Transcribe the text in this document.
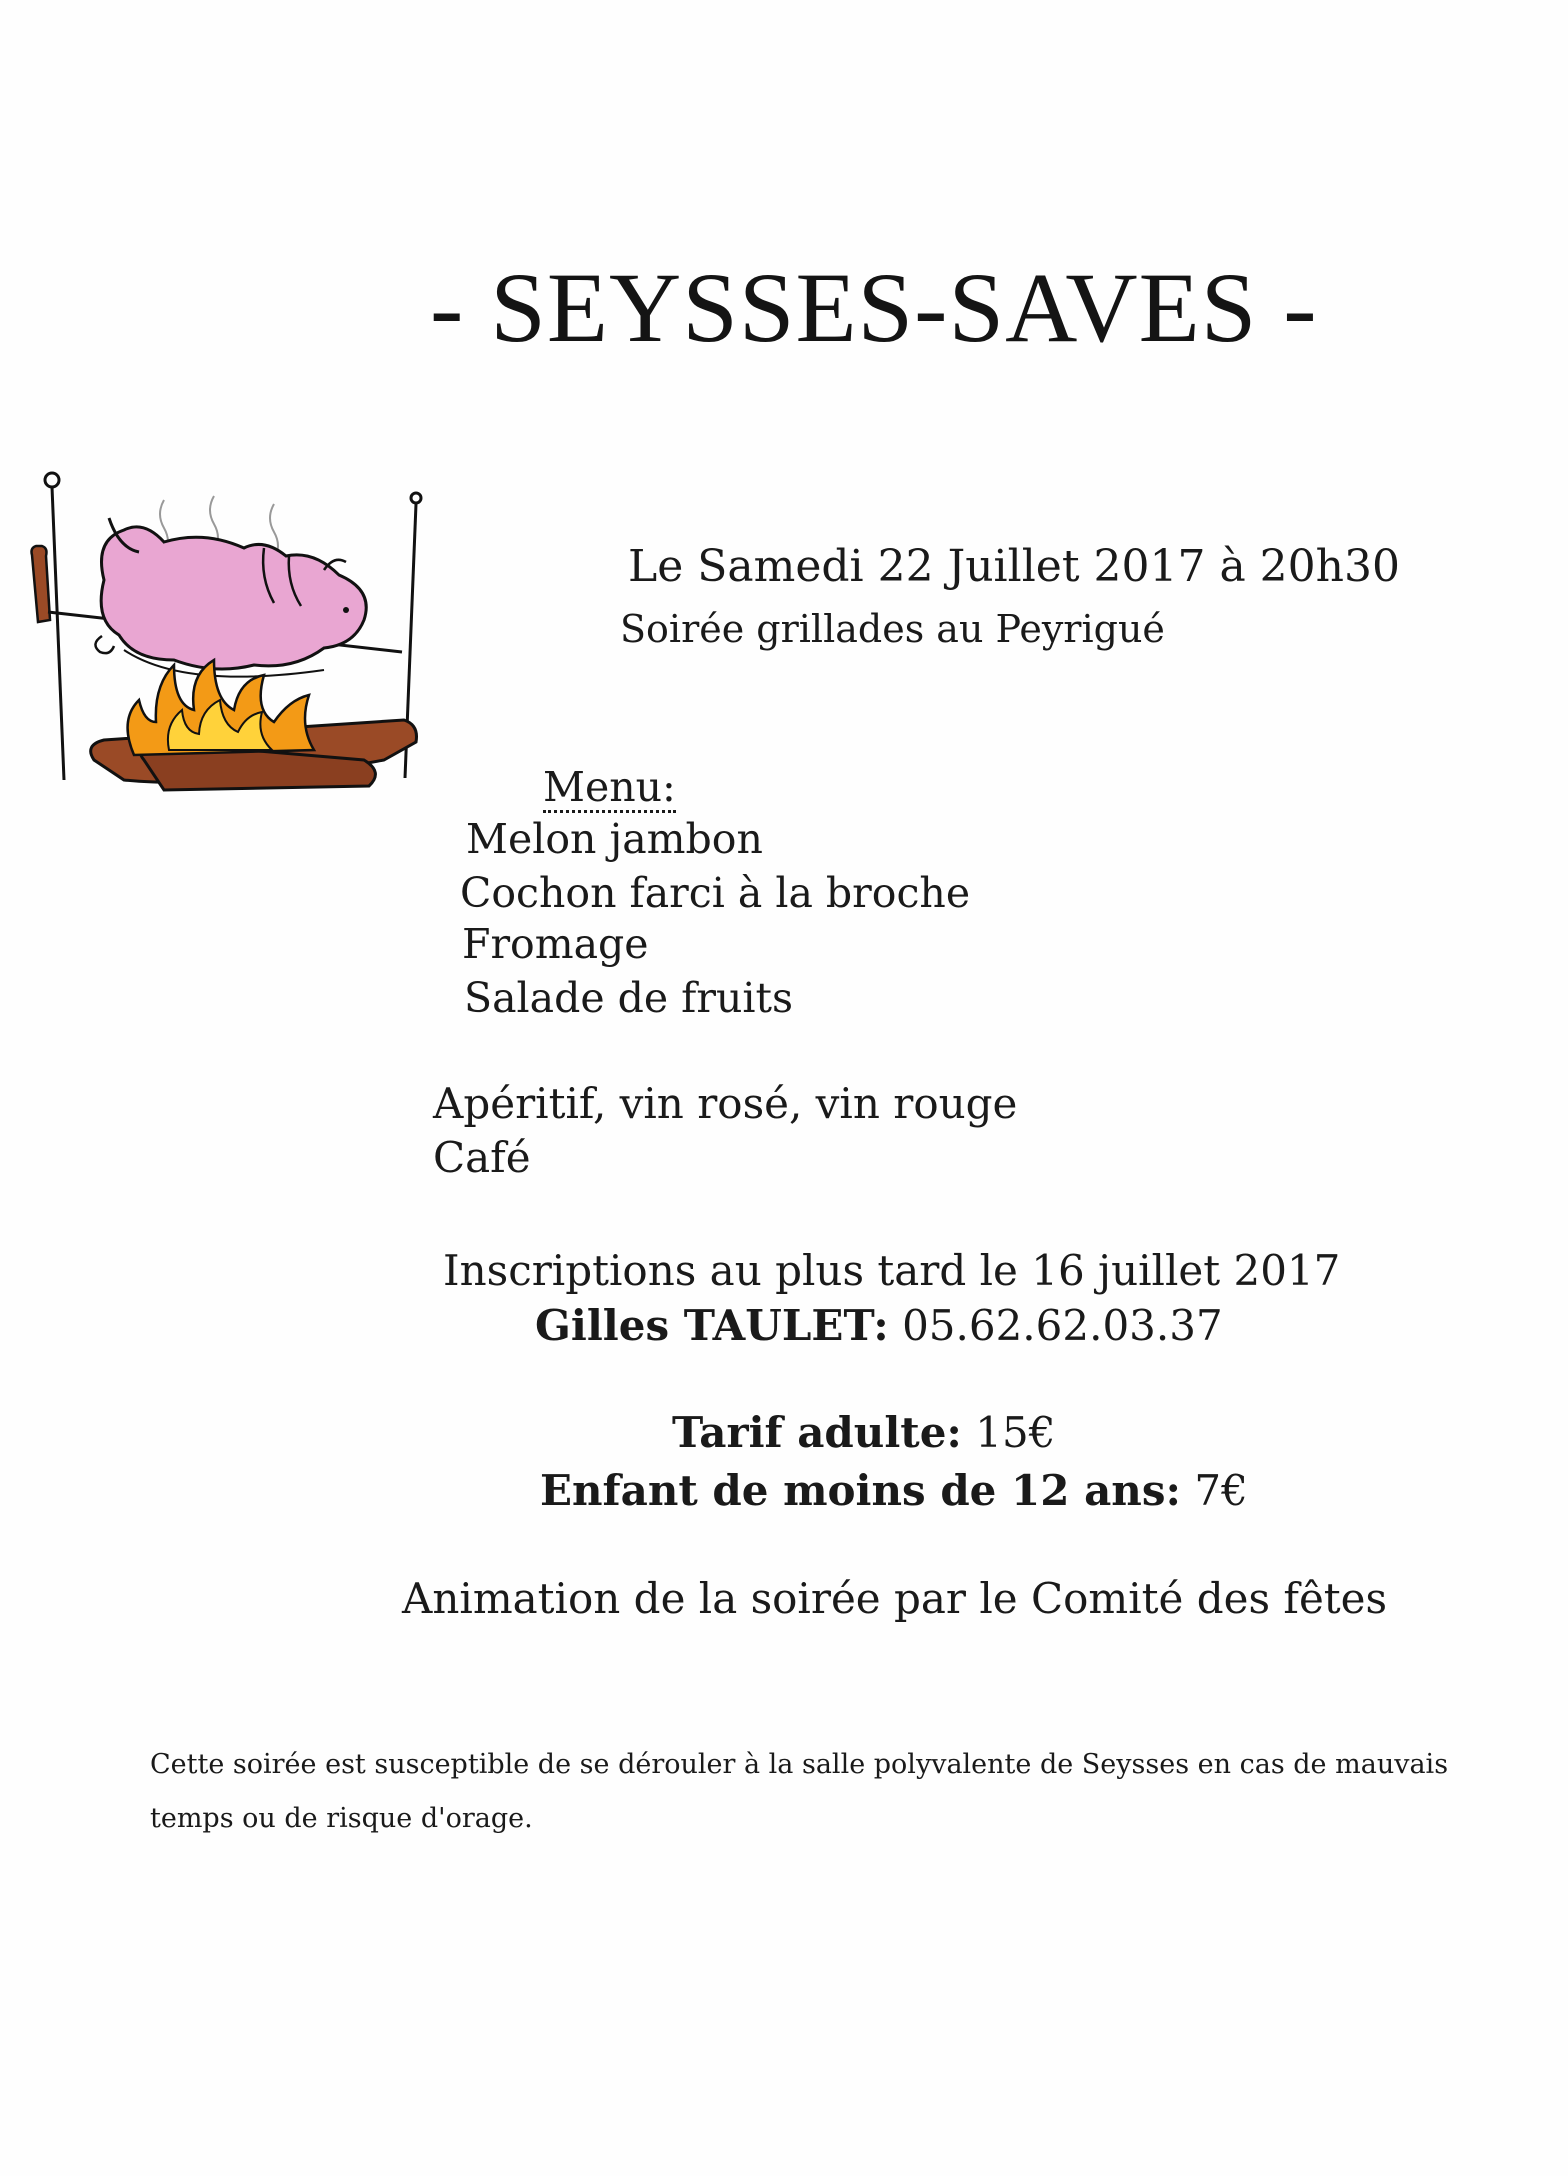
- SEYSSES-SAVES -
Le Samedi 22 Juillet 2017 à 20h30
Soirée grillades au Peyrigué
Menu:
Melon jambon
Cochon farci à la broche
Fromage
Salade de fruits
Apéritif, vin rosé, vin rouge
Café
Inscriptions au plus tard le 16 juillet 2017
Gilles TAULET: 05.62.62.03.37
Tarif adulte: 15€
Enfant de moins de 12 ans: 7€
Animation de la soirée par le Comité des fêtes
Cette soirée est susceptible de se dérouler à la salle polyvalente de Seysses en cas de mauvais temps ou de risque d'orage.
